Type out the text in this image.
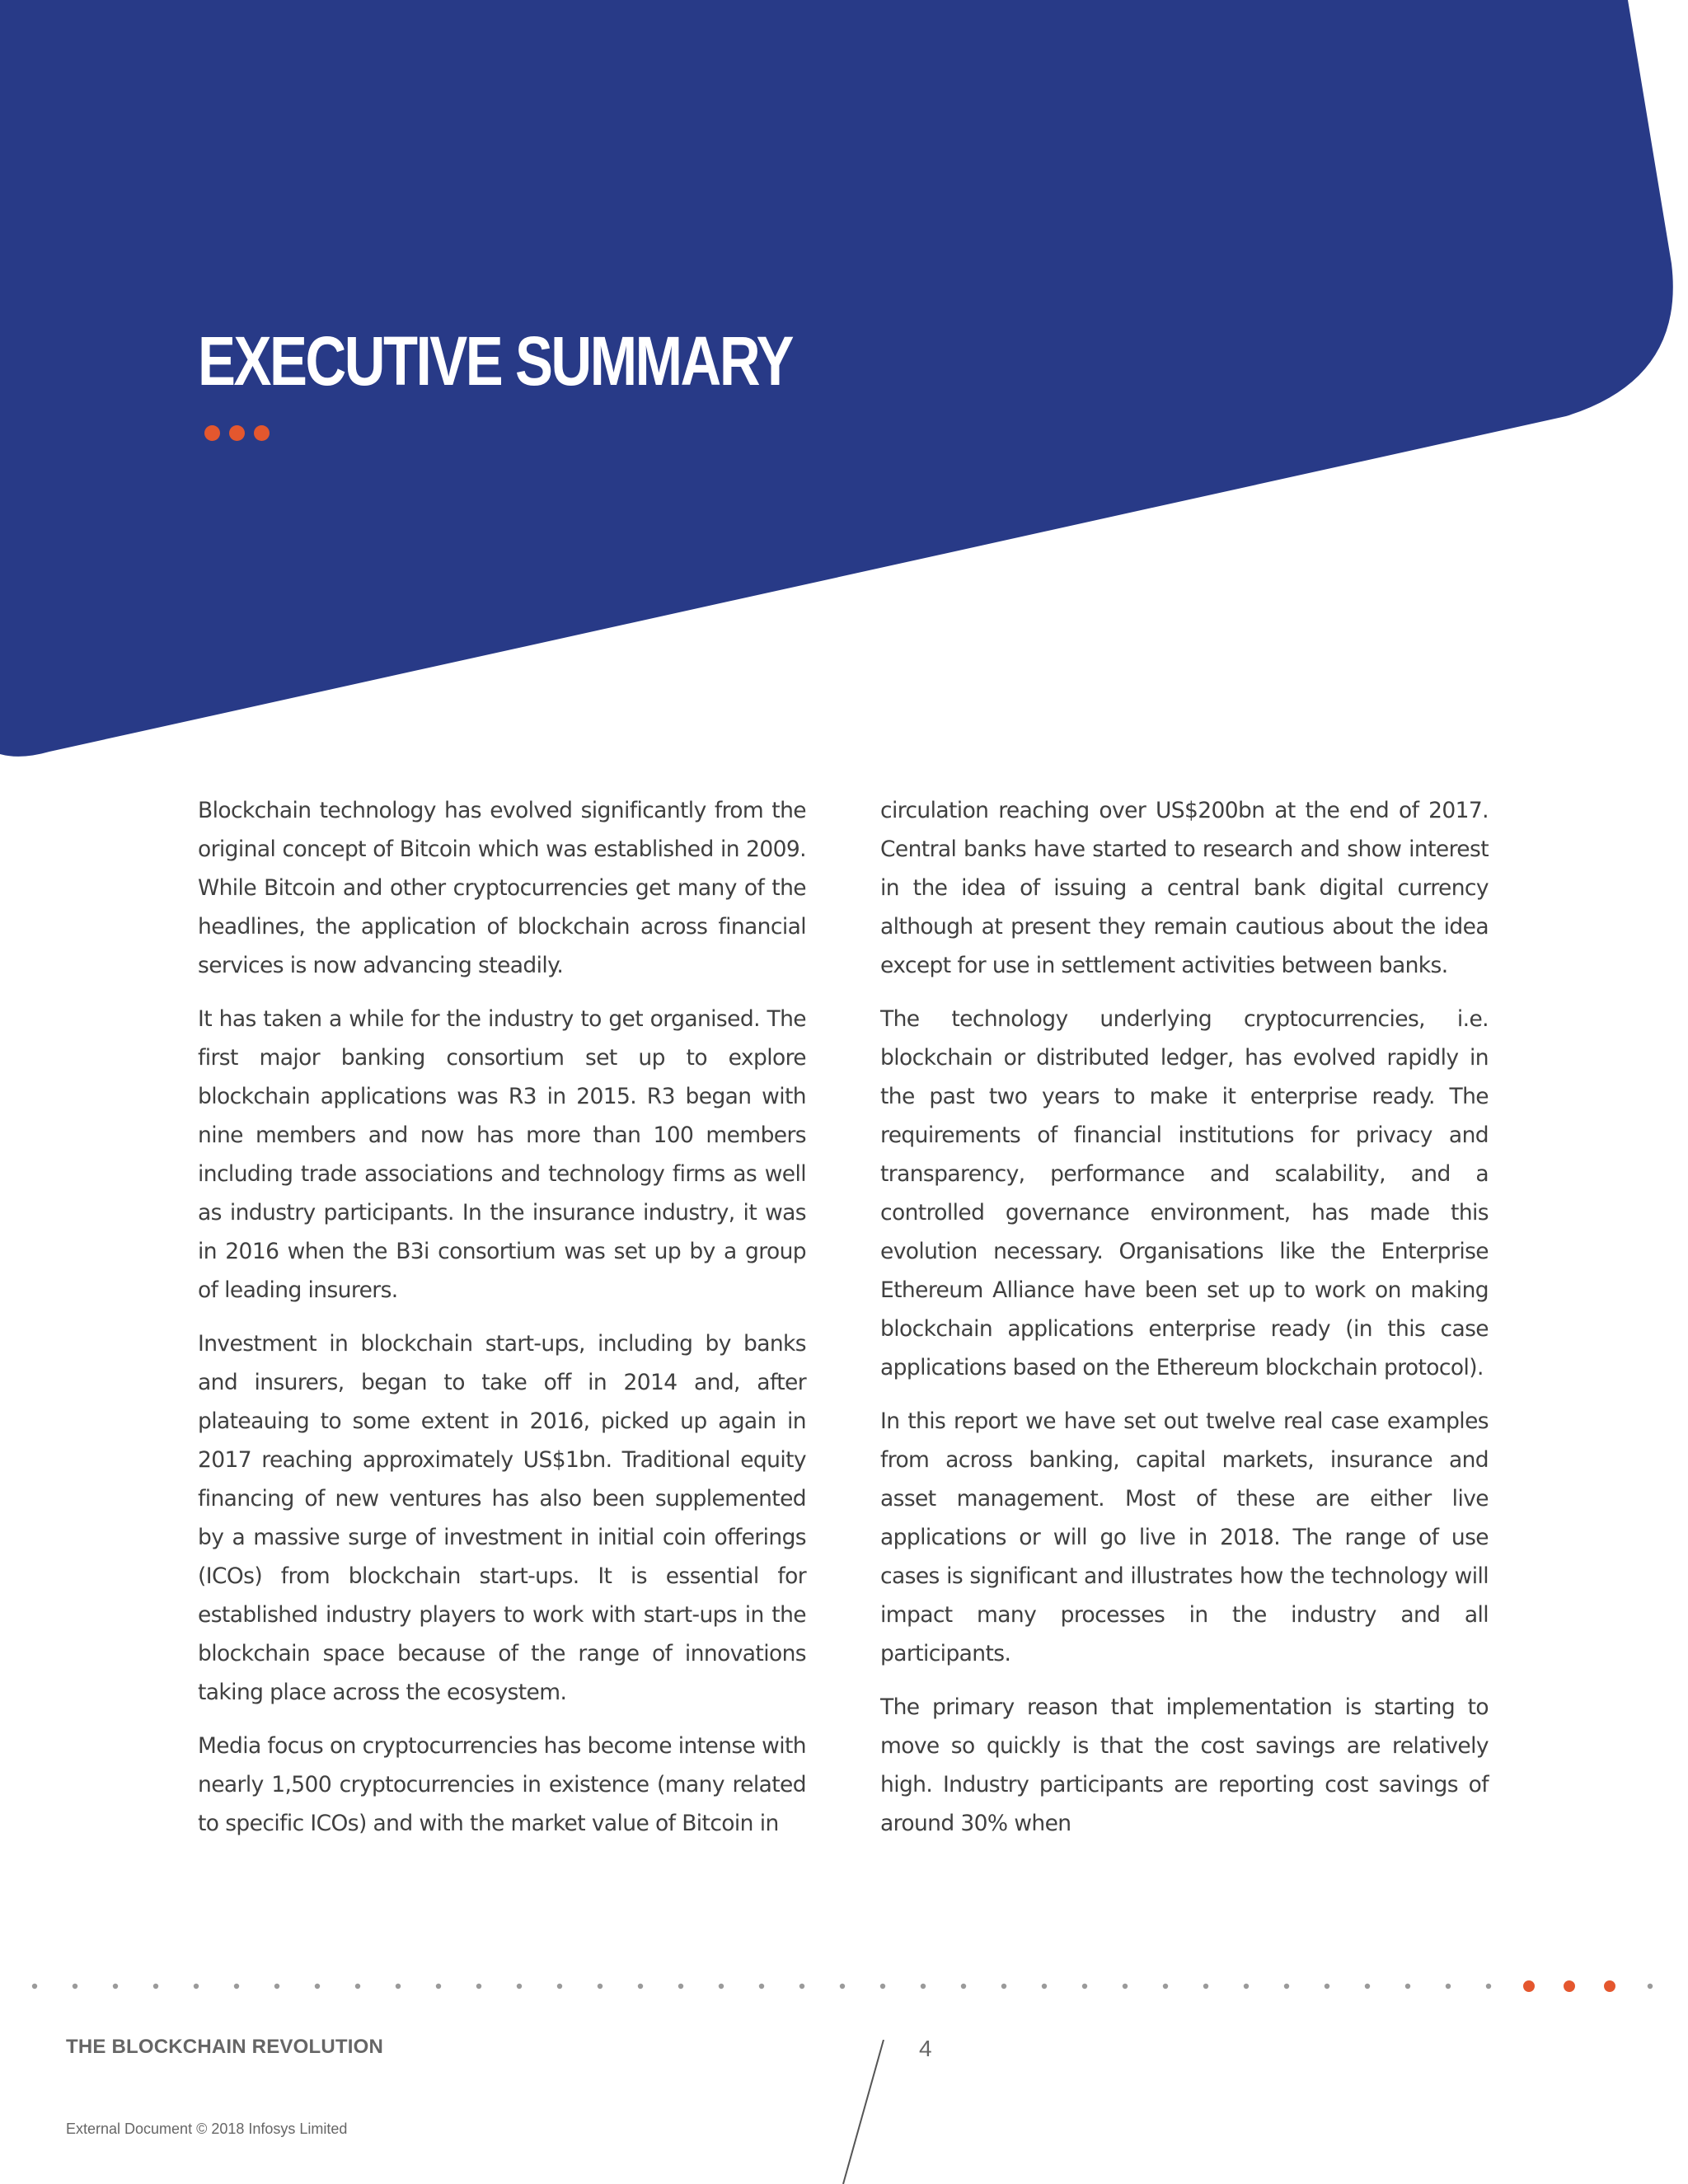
EXECUTIVE SUMMARY

Blockchain technology has evolved significantly from the original concept of Bitcoin which was established in 2009. While Bitcoin and other cryptocurrencies get many of the headlines, the application of blockchain across financial services is now advancing steadily.

It has taken a while for the industry to get organised. The first major banking consortium set up to explore blockchain applications was R3 in 2015. R3 began with nine members and now has more than 100 members including trade associations and technology firms as well as industry participants. In the insurance industry, it was in 2016 when the B3i consortium was set up by a group of leading insurers.

Investment in blockchain start-ups, including by banks and insurers, began to take off in 2014 and, after plateauing to some extent in 2016, picked up again in 2017 reaching approximately US$1bn. Traditional equity financing of new ventures has also been supplemented by a massive surge of investment in initial coin offerings (ICOs) from blockchain start-ups. It is essential for established industry players to work with start-ups in the blockchain space because of the range of innovations taking place across the ecosystem.

Media focus on cryptocurrencies has become intense with nearly 1,500 cryptocurrencies in existence (many related to specific ICOs) and with the market value of Bitcoin in

circulation reaching over US$200bn at the end of 2017. Central banks have started to research and show interest in the idea of issuing a central bank digital currency although at present they remain cautious about the idea except for use in settlement activities between banks.

The technology underlying cryptocurrencies, i.e. blockchain or distributed ledger, has evolved rapidly in the past two years to make it enterprise ready. The requirements of financial institutions for privacy and transparency, performance and scalability, and a controlled governance environment, has made this evolution necessary. Organisations like the Enterprise Ethereum Alliance have been set up to work on making blockchain applications enterprise ready (in this case applications based on the Ethereum blockchain protocol).

In this report we have set out twelve real case examples from across banking, capital markets, insurance and asset management. Most of these are either live applications or will go live in 2018. The range of use cases is significant and illustrates how the technology will impact many processes in the industry and all participants.

The primary reason that implementation is starting to move so quickly is that the cost savings are relatively high. Industry participants are reporting cost savings of around 30% when

THE BLOCKCHAIN REVOLUTION	4
External Document © 2018 Infosys Limited
